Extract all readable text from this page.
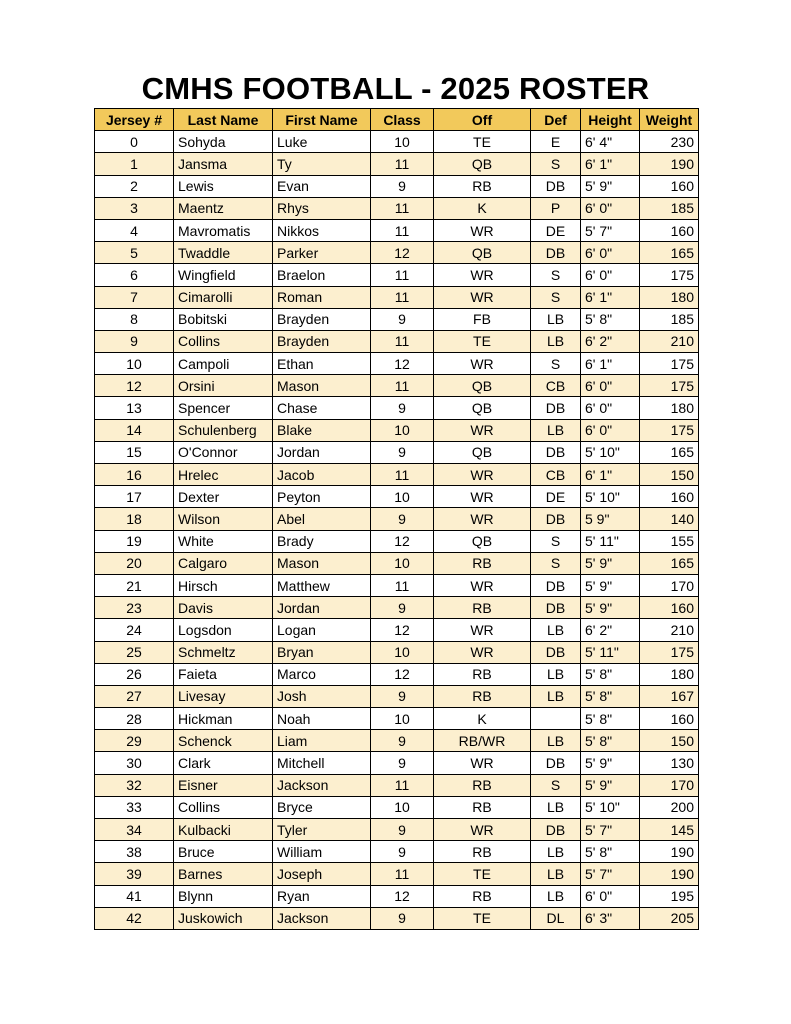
CMHS FOOTBALL - 2025 ROSTER
Jersey #	Last Name	First Name	Class	Off	Def	Height	Weight
0	Sohyda	Luke	10	TE	E	6' 4"	230
1	Jansma	Ty	11	QB	S	6' 1"	190
2	Lewis	Evan	9	RB	DB	5' 9"	160
3	Maentz	Rhys	11	K	P	6' 0"	185
4	Mavromatis	Nikkos	11	WR	DE	5' 7"	160
5	Twaddle	Parker	12	QB	DB	6' 0"	165
6	Wingfield	Braelon	11	WR	S	6' 0"	175
7	Cimarolli	Roman	11	WR	S	6' 1"	180
8	Bobitski	Brayden	9	FB	LB	5' 8"	185
9	Collins	Brayden	11	TE	LB	6' 2"	210
10	Campoli	Ethan	12	WR	S	6' 1"	175
12	Orsini	Mason	11	QB	CB	6' 0"	175
13	Spencer	Chase	9	QB	DB	6' 0"	180
14	Schulenberg	Blake	10	WR	LB	6' 0"	175
15	O'Connor	Jordan	9	QB	DB	5' 10"	165
16	Hrelec	Jacob	11	WR	CB	6' 1"	150
17	Dexter	Peyton	10	WR	DE	5' 10"	160
18	Wilson	Abel	9	WR	DB	5 9"	140
19	White	Brady	12	QB	S	5' 11"	155
20	Calgaro	Mason	10	RB	S	5' 9"	165
21	Hirsch	Matthew	11	WR	DB	5' 9"	170
23	Davis	Jordan	9	RB	DB	5' 9"	160
24	Logsdon	Logan	12	WR	LB	6' 2"	210
25	Schmeltz	Bryan	10	WR	DB	5' 11"	175
26	Faieta	Marco	12	RB	LB	5' 8"	180
27	Livesay	Josh	9	RB	LB	5' 8"	167
28	Hickman	Noah	10	K		5' 8"	160
29	Schenck	Liam	9	RB/WR	LB	5' 8"	150
30	Clark	Mitchell	9	WR	DB	5' 9"	130
32	Eisner	Jackson	11	RB	S	5' 9"	170
33	Collins	Bryce	10	RB	LB	5' 10"	200
34	Kulbacki	Tyler	9	WR	DB	5' 7"	145
38	Bruce	William	9	RB	LB	5' 8"	190
39	Barnes	Joseph	11	TE	LB	5' 7"	190
41	Blynn	Ryan	12	RB	LB	6' 0"	195
42	Juskowich	Jackson	9	TE	DL	6' 3"	205
